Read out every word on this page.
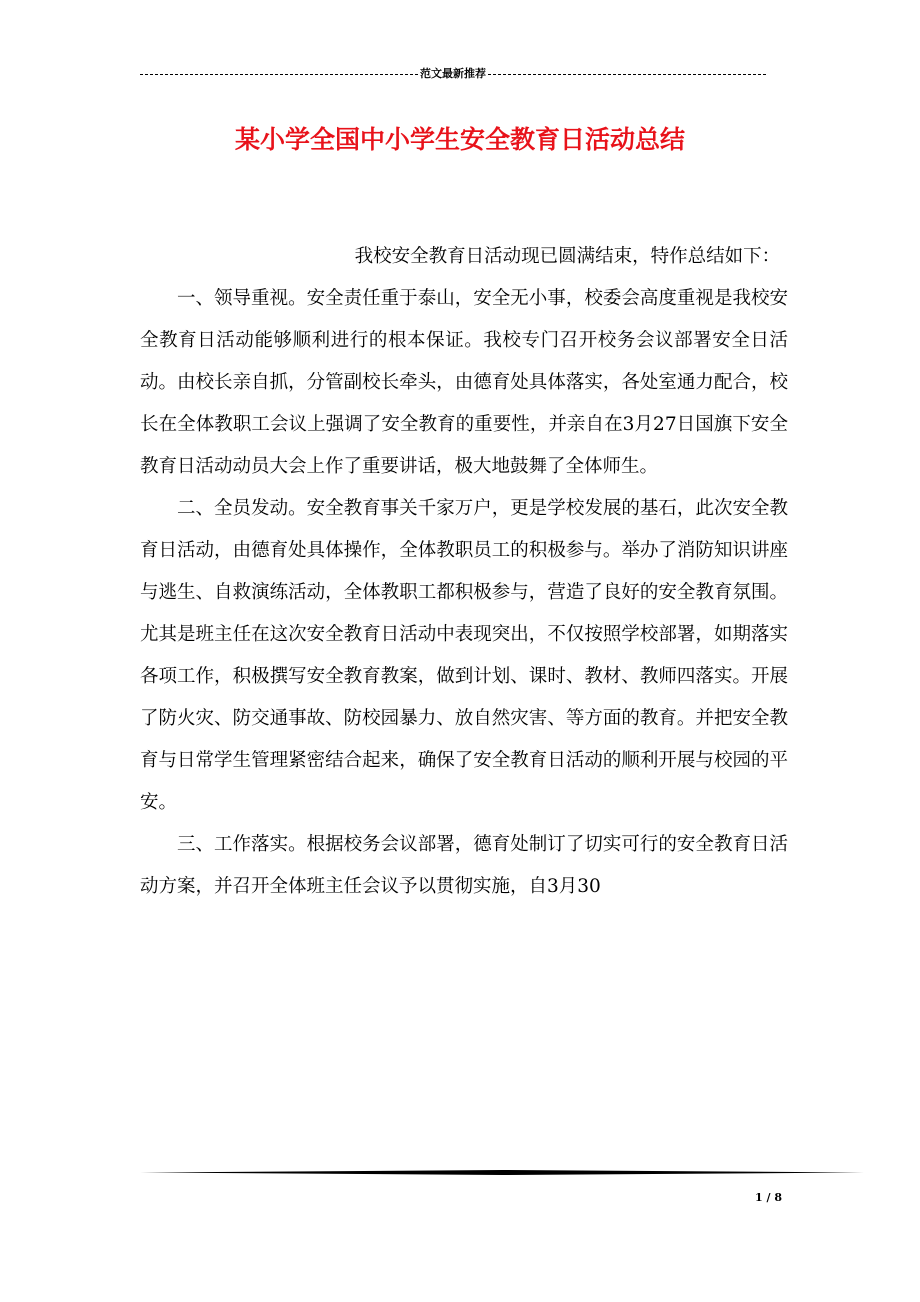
范文最新推荐
某小学全国中小学生安全教育日活动总结

我校安全教育日活动现已圆满结束，特作总结如下：

一、领导重视。安全责任重于泰山，安全无小事，校委会高度重视是我校安全教育日活动能够顺利进行的根本保证。我校专门召开校务会议部署安全日活动。由校长亲自抓，分管副校长牵头，由德育处具体落实，各处室通力配合，校长在全体教职工会议上强调了安全教育的重要性，并亲自在3月27日国旗下安全教育日活动动员大会上作了重要讲话，极大地鼓舞了全体师生。

二、全员发动。安全教育事关千家万户，更是学校发展的基石，此次安全教育日活动，由德育处具体操作，全体教职员工的积极参与。举办了消防知识讲座与逃生、自救演练活动，全体教职工都积极参与，营造了良好的安全教育氛围。尤其是班主任在这次安全教育日活动中表现突出，不仅按照学校部署，如期落实各项工作，积极撰写安全教育教案，做到计划、课时、教材、教师四落实。开展了防火灾、防交通事故、防校园暴力、放自然灾害、等方面的教育。并把安全教育与日常学生管理紧密结合起来，确保了安全教育日活动的顺利开展与校园的平安。

三、工作落实。根据校务会议部署，德育处制订了切实可行的安全教育日活动方案，并召开全体班主任会议予以贯彻实施，自3月30

1 / 8
